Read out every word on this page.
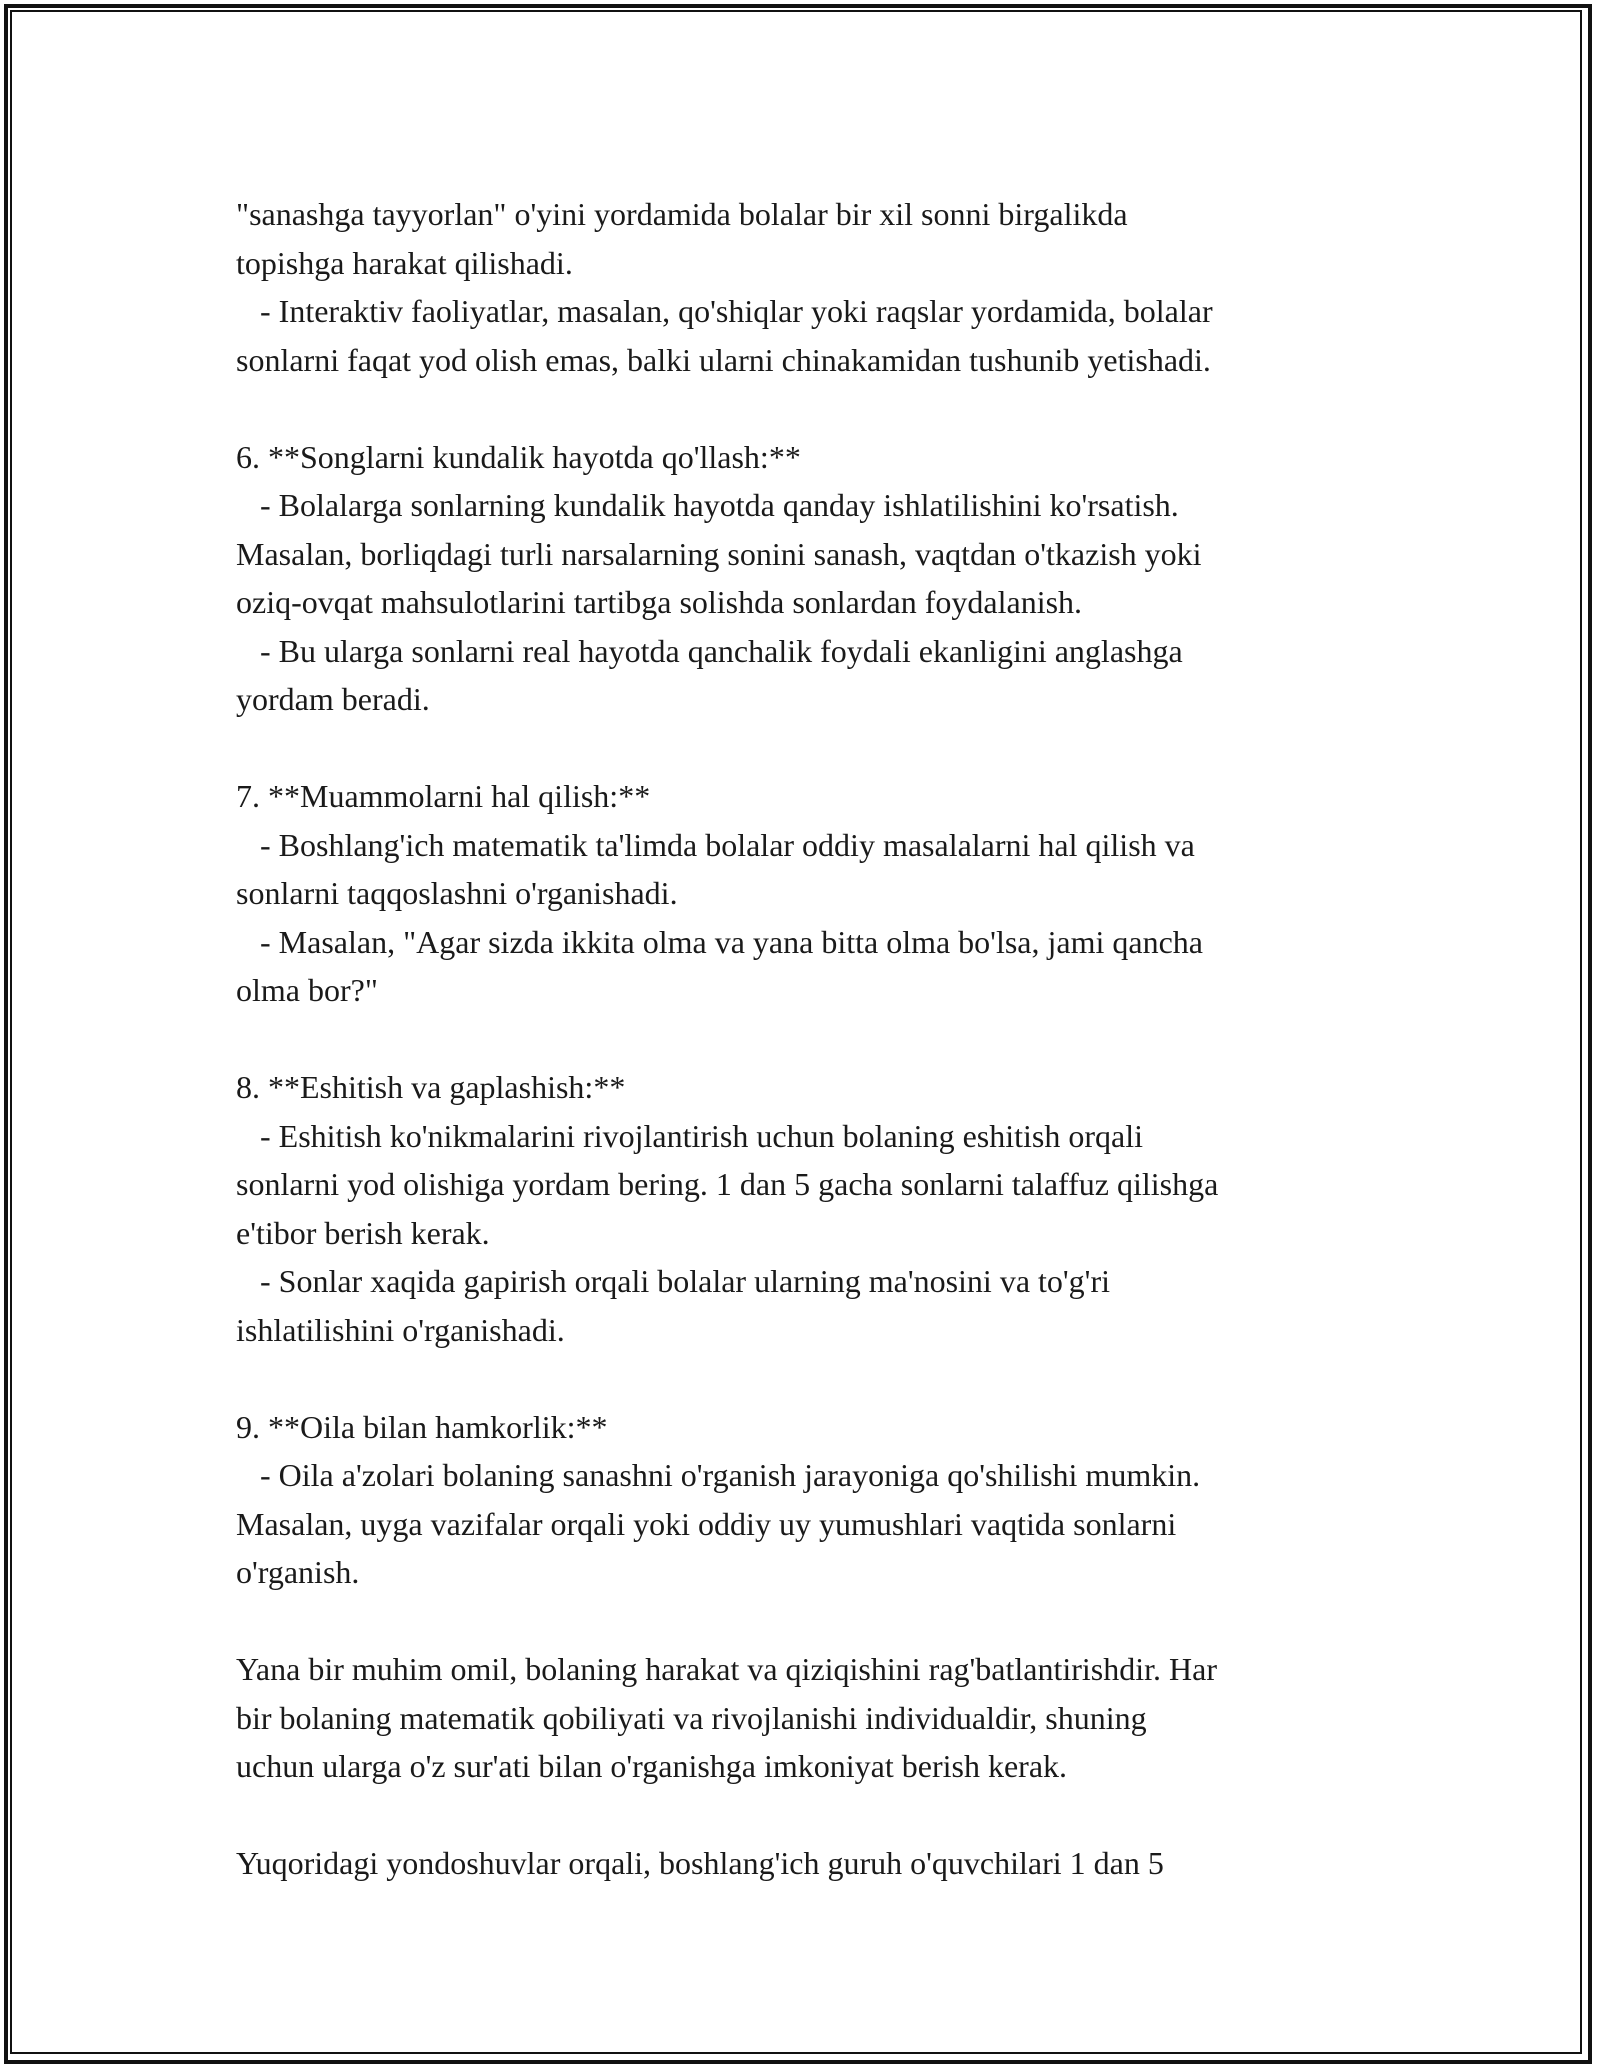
"sanashga tayyorlan" o'yini yordamida bolalar bir xil sonni birgalikda
topishga harakat qilishadi.
- Interaktiv faoliyatlar, masalan, qo'shiqlar yoki raqslar yordamida, bolalar
sonlarni faqat yod olish emas, balki ularni chinakamidan tushunib yetishadi.
6. **Songlarni kundalik hayotda qo'llash:**
- Bolalarga sonlarning kundalik hayotda qanday ishlatilishini ko'rsatish.
Masalan, borliqdagi turli narsalarning sonini sanash, vaqtdan o'tkazish yoki
oziq-ovqat mahsulotlarini tartibga solishda sonlardan foydalanish.
- Bu ularga sonlarni real hayotda qanchalik foydali ekanligini anglashga
yordam beradi.
7. **Muammolarni hal qilish:**
- Boshlang'ich matematik ta'limda bolalar oddiy masalalarni hal qilish va
sonlarni taqqoslashni o'rganishadi.
- Masalan, "Agar sizda ikkita olma va yana bitta olma bo'lsa, jami qancha
olma bor?"
8. **Eshitish va gaplashish:**
- Eshitish ko'nikmalarini rivojlantirish uchun bolaning eshitish orqali
sonlarni yod olishiga yordam bering. 1 dan 5 gacha sonlarni talaffuz qilishga
e'tibor berish kerak.
- Sonlar xaqida gapirish orqali bolalar ularning ma'nosini va to'g'ri
ishlatilishini o'rganishadi.
9. **Oila bilan hamkorlik:**
- Oila a'zolari bolaning sanashni o'rganish jarayoniga qo'shilishi mumkin.
Masalan, uyga vazifalar orqali yoki oddiy uy yumushlari vaqtida sonlarni
o'rganish.
Yana bir muhim omil, bolaning harakat va qiziqishini rag'batlantirishdir. Har
bir bolaning matematik qobiliyati va rivojlanishi individualdir, shuning
uchun ularga o'z sur'ati bilan o'rganishga imkoniyat berish kerak.
Yuqoridagi yondoshuvlar orqali, boshlang'ich guruh o'quvchilari 1 dan 5
